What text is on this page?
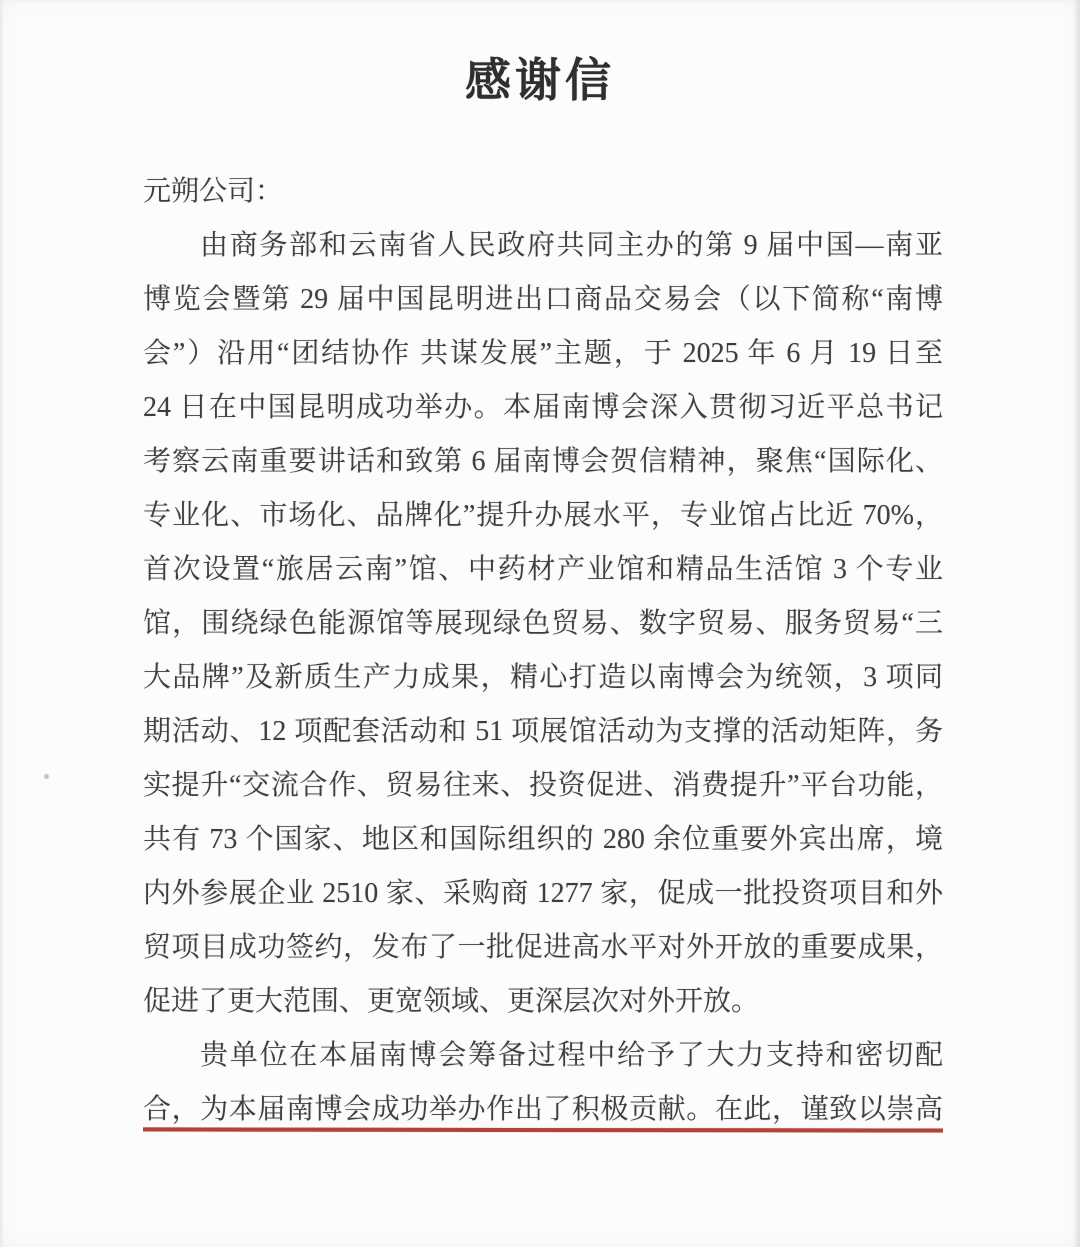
感谢信
元朔公司：
由商务部和云南省人民政府共同主办的第 9 届中国—南亚
博览会暨第 29 届中国昆明进出口商品交易会（以下简称“南博
会”）沿用“团结协作 共谋发展”主题，于 2025 年 6 月 19 日至
24 日在中国昆明成功举办。本届南博会深入贯彻习近平总书记
考察云南重要讲话和致第 6 届南博会贺信精神，聚焦“国际化、
专业化、市场化、品牌化”提升办展水平，专业馆占比近 70%，
首次设置“旅居云南”馆、中药材产业馆和精品生活馆 3 个专业
馆，围绕绿色能源馆等展现绿色贸易、数字贸易、服务贸易“三
大品牌”及新质生产力成果，精心打造以南博会为统领，3 项同
期活动、12 项配套活动和 51 项展馆活动为支撑的活动矩阵，务
实提升“交流合作、贸易往来、投资促进、消费提升”平台功能，
共有 73 个国家、地区和国际组织的 280 余位重要外宾出席，境
内外参展企业 2510 家、采购商 1277 家，促成一批投资项目和外
贸项目成功签约，发布了一批促进高水平对外开放的重要成果，
促进了更大范围、更宽领域、更深层次对外开放。
贵单位在本届南博会筹备过程中给予了大力支持和密切配
合，为本届南博会成功举办作出了积极贡献。在此，谨致以崇高
